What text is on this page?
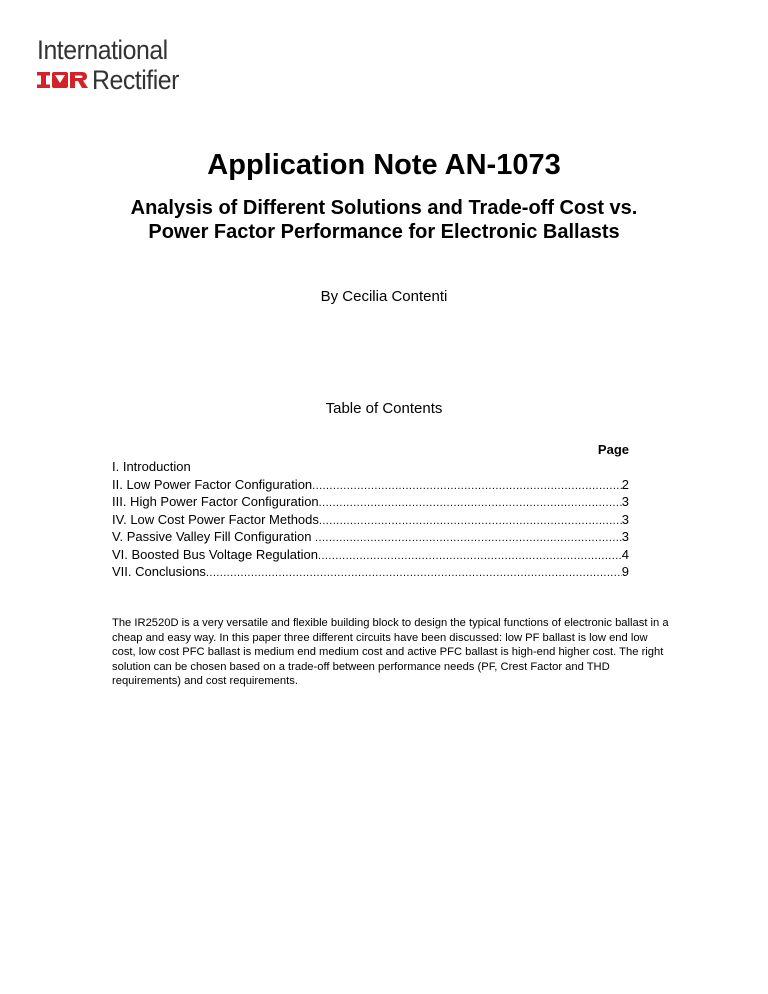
International
Rectifier
Application Note AN-1073
Analysis of Different Solutions and Trade-off Cost vs. Power Factor Performance for Electronic Ballasts
By Cecilia Contenti
Table of Contents
Page
I. Introduction
II. Low Power Factor Configuration .....	2
III. High Power Factor Configuration .....	3
IV. Low Cost Power Factor Methods .....	3
V. Passive Valley Fill Configuration .....	3
VI. Boosted Bus Voltage Regulation .....	4
VII. Conclusions .....	9
The IR2520D is a very versatile and flexible building block to design the typical functions of electronic ballast in a cheap and easy way. In this paper three different circuits have been discussed: low PF ballast is low end low cost, low cost PFC ballast is medium end medium cost and active PFC ballast is high-end higher cost. The right solution can be chosen based on a trade-off between performance needs (PF, Crest Factor and THD requirements) and cost requirements.
